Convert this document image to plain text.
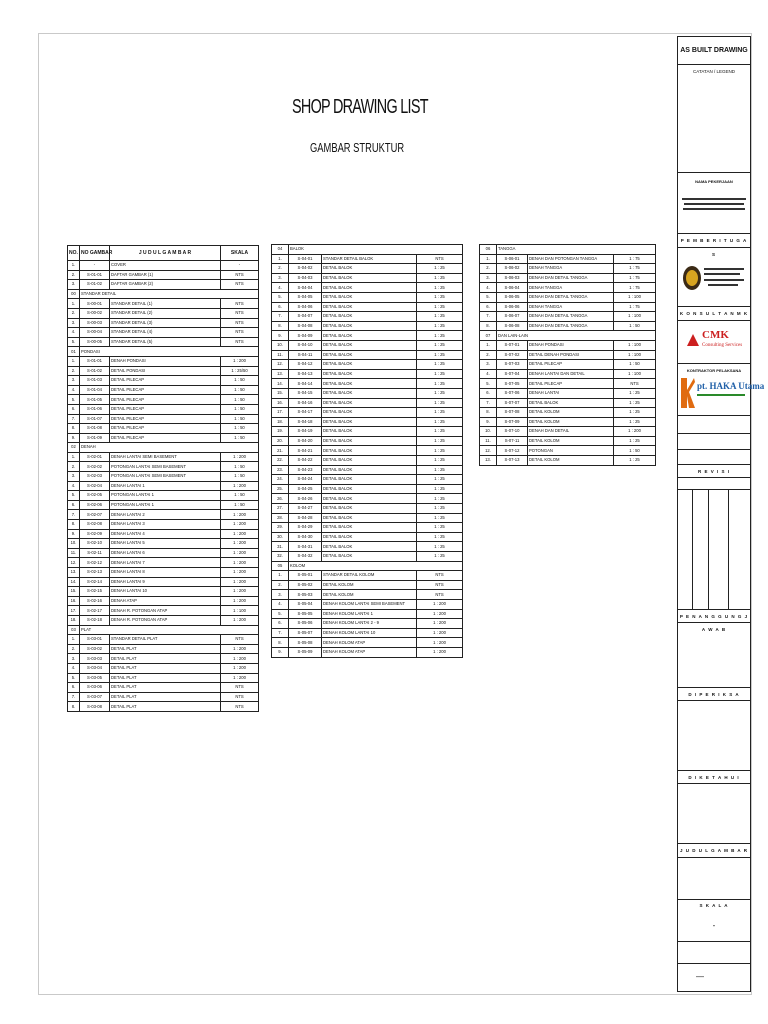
SHOP DRAWING LIST
GAMBAR STRUKTUR
NO.	NO GAMBAR	J U D U L G A M B A R	SKALA
1.	-	COVER	-
2.	S-01-01	DAFTAR GAMBAR (1)	NTS
3.	S-01-02	DAFTAR GAMBAR (2)	NTS
00	STANDAR DETAIL		
1.	S-00-01	STANDAR DETAIL (1)	NTS
2.	S-00-02	STANDAR DETAIL (2)	NTS
3.	S-00-03	STANDAR DETAIL (3)	NTS
4.	S-00-04	STANDAR DETAIL (4)	NTS
5.	S-00-05	STANDAR DETAIL (5)	NTS
01	PONDASI		
1.	S-01-01	DENAH PONDASI	1 : 200
2.	S-01-02	DETAIL PONDASI	1 : 25/50
3.	S-01-03	DETAIL PILECAP	1 : 50
4.	S-01-04	DETAIL PILECAP	1 : 50
5.	S-01-05	DETAIL PILECAP	1 : 50
6.	S-01-06	DETAIL PILECAP	1 : 50
7.	S-01-07	DETAIL PILECAP	1 : 50
8.	S-01-08	DETAIL PILECAP	1 : 50
9.	S-01-09	DETAIL PILECAP	1 : 50
02	DENAH		
1.	S-02-01	DENAH LANTAI SEMI BASEMENT	1 : 200
2.	S-02-02	POTONGAN LANTAI SEMI BASEMENT	1 : 50
3.	S-02-03	POTONGAN LANTAI SEMI BASEMENT	1 : 50
4.	S-02-04	DENAH LANTAI 1	1 : 200
5.	S-02-05	POTONGAN LANTAI 1	1 : 50
6.	S-02-06	POTONGAN LANTAI 1	1 : 50
7.	S-02-07	DENAH LANTAI 2	1 : 200
8.	S-02-08	DENAH LANTAI 3	1 : 200
9.	S-02-09	DENAH LANTAI 4	1 : 200
10.	S-02-10	DENAH LANTAI 5	1 : 200
11.	S-02-11	DENAH LANTAI 6	1 : 200
12.	S-02-12	DENAH LANTAI 7	1 : 200
13.	S-02-13	DENAH LANTAI 8	1 : 200
14.	S-02-14	DENAH LANTAI 9	1 : 200
15.	S-02-15	DENAH LANTAI 10	1 : 200
16.	S-02-16	DENAH ATAP	1 : 200
17.	S-02-17	DENAH R. POTONGAN ATAP	1 : 100
18.	S-02-18	DENAH R. POTONGAN ATAP	1 : 200
03	PLAT		
1.	S-03-01	STANDAR DETAIL PLAT	NTS
2.	S-03-02	DETAIL PLAT	1 : 200
3.	S-03-03	DETAIL PLAT	1 : 200
4.	S-03-04	DETAIL PLAT	1 : 200
5.	S-03-05	DETAIL PLAT	1 : 200
6.	S-03-06	DETAIL PLAT	NTS
7.	S-03-07	DETAIL PLAT	NTS
8.	S-03-08	DETAIL PLAT	NTS
04	BALOK		
1.	S-04-01	STANDAR DETAIL BALOK	NTS
2.	S-04-02	DETAIL BALOK	1 : 25
3.	S-04-03	DETAIL BALOK	1 : 25
4.	S-04-04	DETAIL BALOK	1 : 25
5.	S-04-05	DETAIL BALOK	1 : 25
6.	S-04-06	DETAIL BALOK	1 : 25
7.	S-04-07	DETAIL BALOK	1 : 25
8.	S-04-08	DETAIL BALOK	1 : 25
9.	S-04-09	DETAIL BALOK	1 : 25
10.	S-04-10	DETAIL BALOK	1 : 25
11.	S-04-11	DETAIL BALOK	1 : 25
12.	S-04-12	DETAIL BALOK	1 : 25
13.	S-04-13	DETAIL BALOK	1 : 25
14.	S-04-14	DETAIL BALOK	1 : 25
15.	S-04-15	DETAIL BALOK	1 : 25
16.	S-04-16	DETAIL BALOK	1 : 25
17.	S-04-17	DETAIL BALOK	1 : 25
18.	S-04-18	DETAIL BALOK	1 : 25
19.	S-04-19	DETAIL BALOK	1 : 25
20.	S-04-20	DETAIL BALOK	1 : 25
21.	S-04-21	DETAIL BALOK	1 : 25
22.	S-04-22	DETAIL BALOK	1 : 25
23.	S-04-23	DETAIL BALOK	1 : 25
24.	S-04-24	DETAIL BALOK	1 : 25
25.	S-04-25	DETAIL BALOK	1 : 25
26.	S-04-26	DETAIL BALOK	1 : 25
27.	S-04-27	DETAIL BALOK	1 : 25
28.	S-04-28	DETAIL BALOK	1 : 25
29.	S-04-29	DETAIL BALOK	1 : 25
30.	S-04-30	DETAIL BALOK	1 : 25
31.	S-04-31	DETAIL BALOK	1 : 25
32.	S-04-32	DETAIL BALOK	1 : 25
05	KOLOM		
1.	S-05-01	STANDAR DETAIL KOLOM	NTS
2.	S-05-02	DETAIL KOLOM	NTS
3.	S-05-03	DETAIL KOLOM	NTS
4.	S-05-04	DENAH KOLOM LANTAI SEMI BASEMENT	1 : 200
5.	S-05-05	DENAH KOLOM LANTAI 1	1 : 200
6.	S-05-06	DENAH KOLOM LANTAI 2 - 9	1 : 200
7.	S-05-07	DENAH KOLOM LANTAI 10	1 : 200
8.	S-05-08	DENAH KOLOM ATAP	1 : 200
9.	S-05-09	DENAH KOLOM ATAP	1 : 200
06	TANGGA		
1.	S-06-01	DENAH DAN POTONGAN TANGGA	1 : 75
2.	S-06-02	DENAH TANGGA	1 : 75
3.	S-06-03	DENAH DAN DETAIL TANGGA	1 : 75
4.	S-06-04	DENAH TANGGA	1 : 75
5.	S-06-05	DENAH DAN DETAIL TANGGA	1 : 100
6.	S-06-06	DENAH TANGGA	1 : 75
7.	S-06-07	DENAH DAN DETAIL TANGGA	1 : 100
8.	S-06-08	DENAH DAN DETAIL TANGGA	1 : 50
07	DAN LAIN-LAIN		
1.	S-07-01	DENAH PONDASI	1 : 100
2.	S-07-02	DETAIL DENAH PONDASI	1 : 100
3.	S-07-03	DETAIL PILECAP	1 : 50
4.	S-07-04	DENAH LANTAI DAN DETAIL	1 : 100
5.	S-07-05	DETAIL PILECAP	NTS
6.	S-07-06	DENAH LANTAI	1 : 25
7.	S-07-07	DETAIL BALOK	1 : 25
8.	S-07-08	DETAIL KOLOM	1 : 25
9.	S-07-09	DETAIL KOLOM	1 : 25
10.	S-07-10	DENAH DAN DETAIL	1 : 200
11.	S-07-11	DETAIL KOLOM	1 : 25
12.	S-07-12	POTONGAN	1 : 50
13.	S-07-13	DETAIL KOLOM	1 : 25
AS BUILT DRAWING
CATATAN / LEGEND
NAMA PEKERJAAN
P E M B E R I T U G A S
K O N S U L T A N M K
CMK
Consulting Services
KONTRAKTOR PELAKSANA
pt. HAKA Utama
R E V I S I
P E N A N G G U N G J A W A B
D I P E R I K S A
D I K E T A H U I
J U D U L G A M B A R
S K A L A
-
—
